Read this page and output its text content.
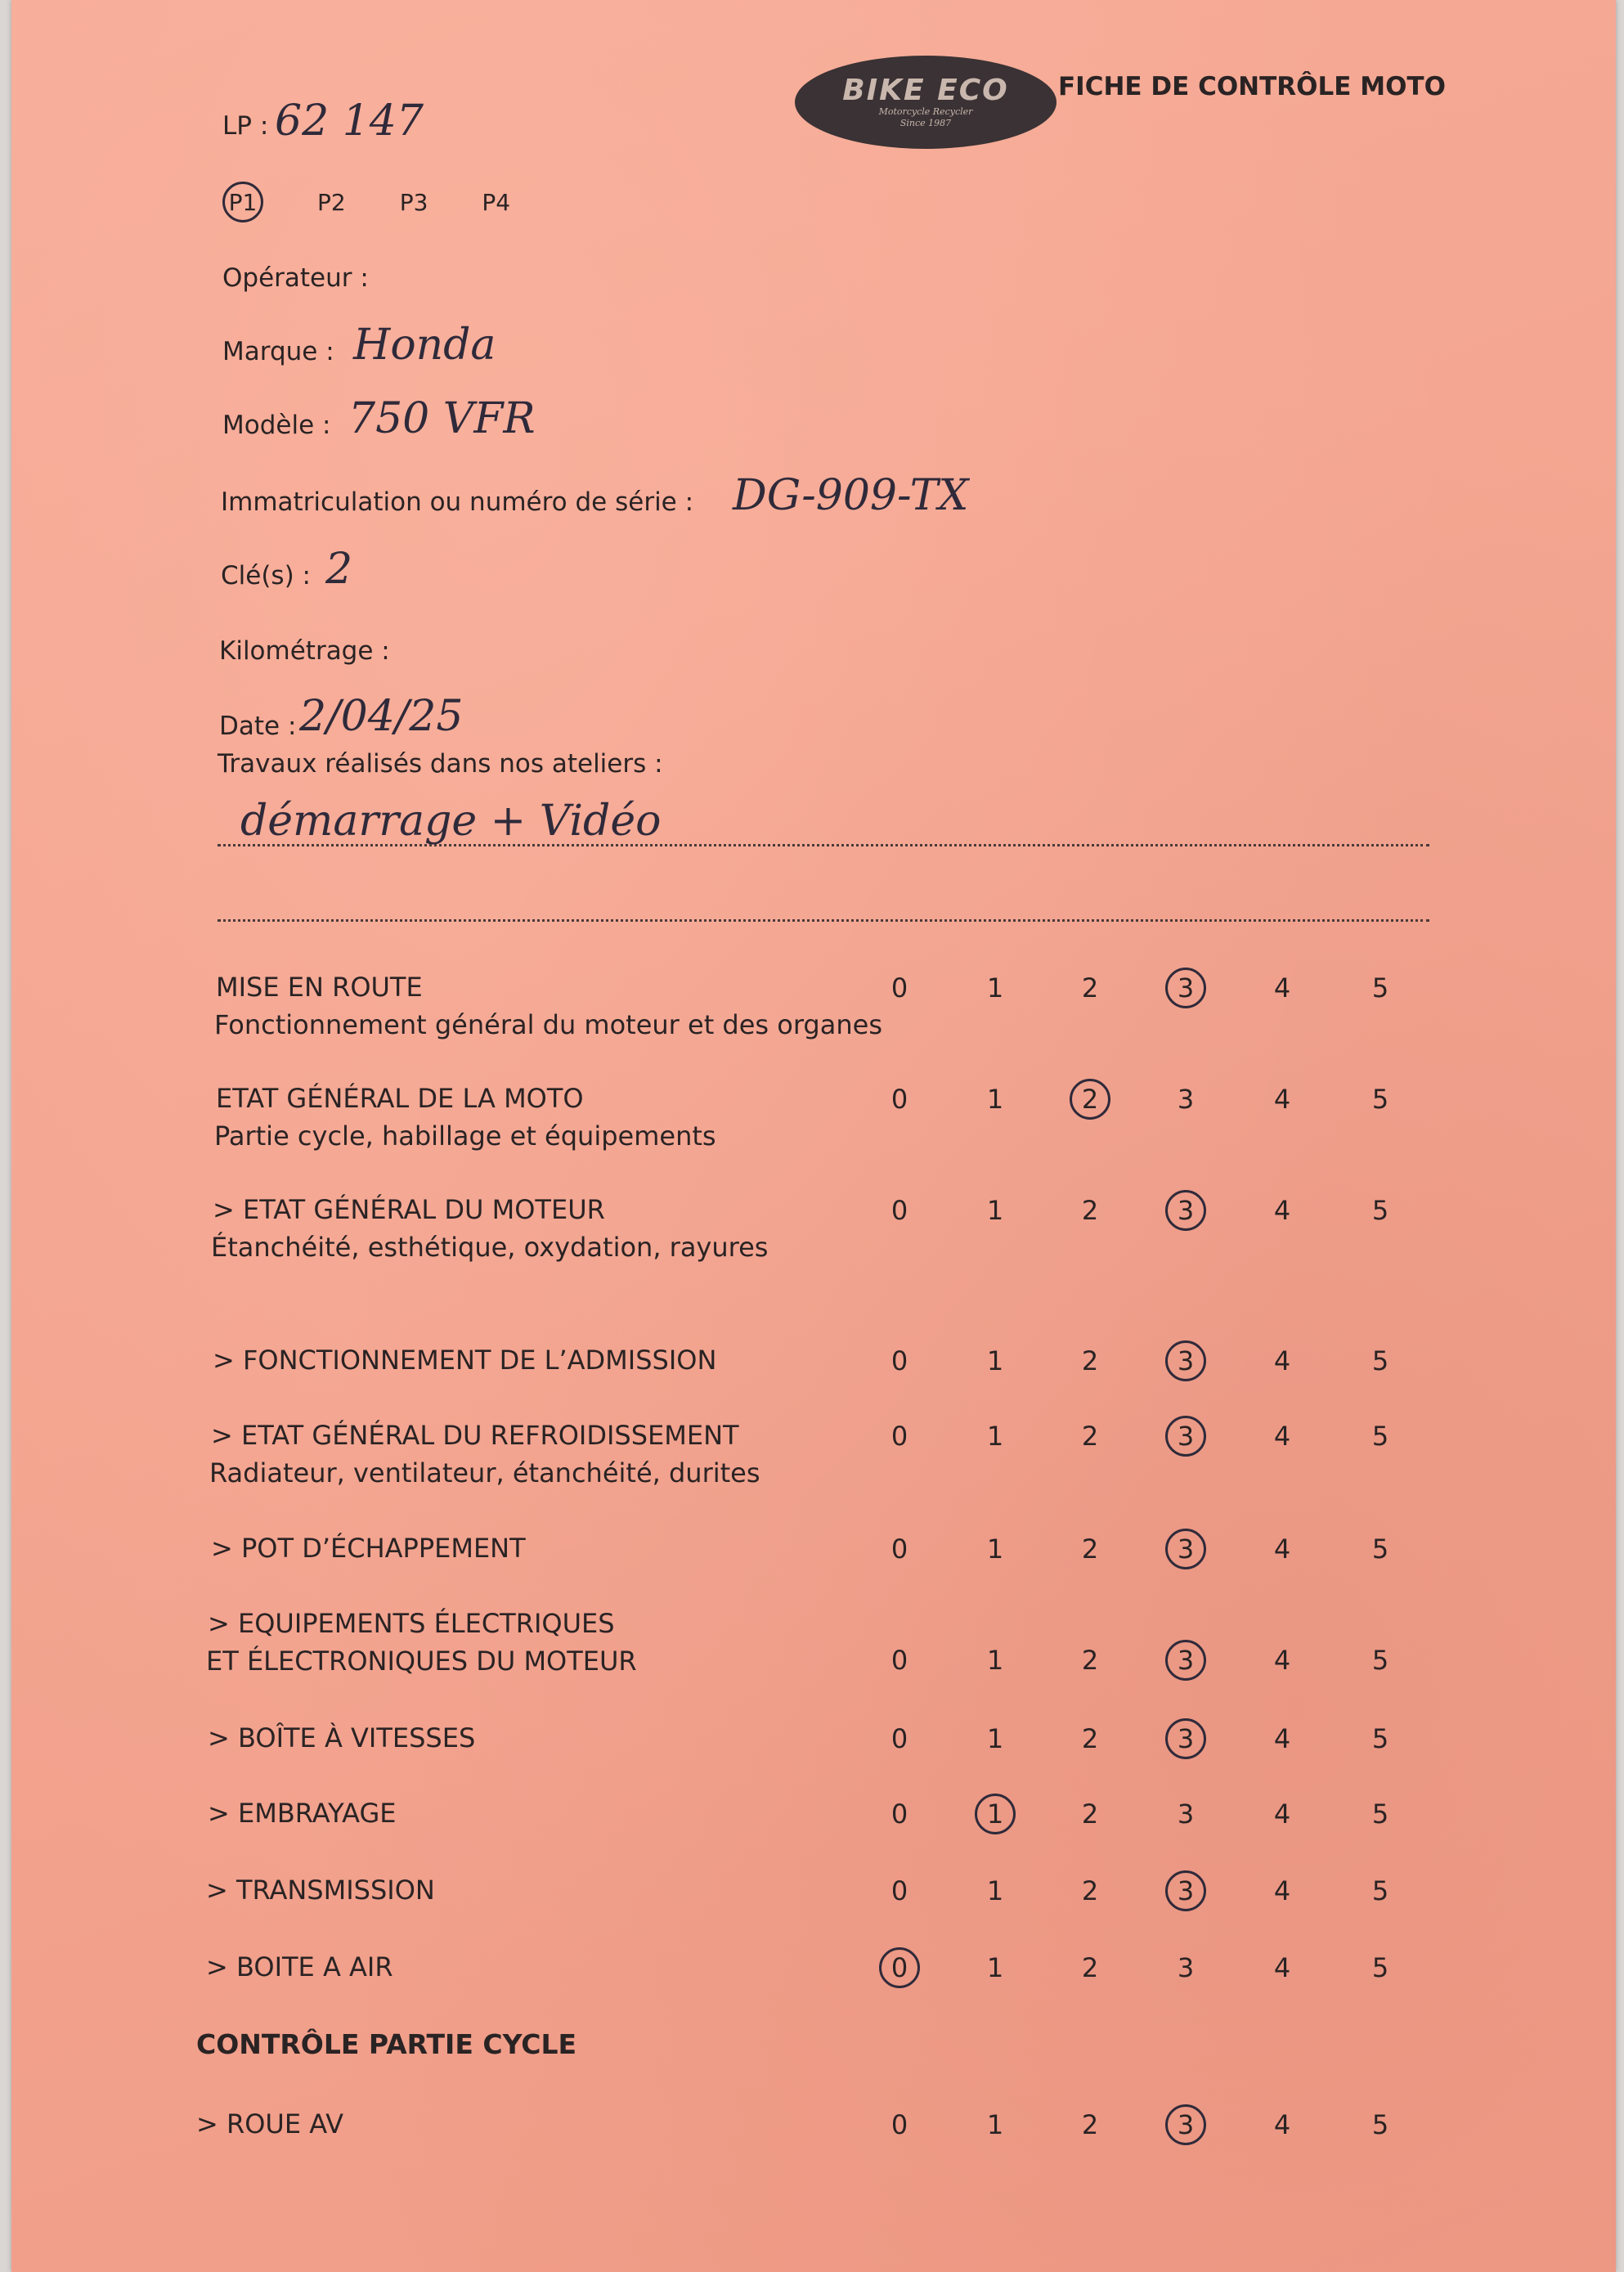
BIKE ECO
Motorcycle Recycler
Since 1987
FICHE DE CONTRÔLE MOTO
LP : 62 147
P1	P2 P3 P4
Opérateur :
Marque : Honda
Modèle : 750 VFR
Immatriculation ou numéro de série : DG-909-TX
Clé(s) : 2
Kilométrage :
Date : 2/04/25
Travaux réalisés dans nos ateliers :
démarrage + Vidéo
MISE EN ROUTE
Fonctionnement général du moteur et des organes
0	1	2	3	4	5
ETAT GÉNÉRAL DE LA MOTO
Partie cycle, habillage et équipements
0	1	2	3	4	5
> ETAT GÉNÉRAL DU MOTEUR
Étanchéité, esthétique, oxydation, rayures
0	1	2	3	4	5
> FONCTIONNEMENT DE L’ADMISSION	0	1	2	3	4	5
> ETAT GÉNÉRAL DU REFROIDISSEMENT
Radiateur, ventilateur, étanchéité, durites
0	1	2	3	4	5
> POT D’ÉCHAPPEMENT	0	1	2	3	4	5
> EQUIPEMENTS ÉLECTRIQUES
ET ÉLECTRONIQUES DU MOTEUR	0	1	2	3	4	5
> BOÎTE À VITESSES	0	1	2	3	4	5
> EMBRAYAGE	0	1	2	3	4	5
> TRANSMISSION	0	1	2	3	4	5
> BOITE A AIR	0	1	2	3	4	5
CONTRÔLE PARTIE CYCLE
> ROUE AV	0	1	2	3	4	5
